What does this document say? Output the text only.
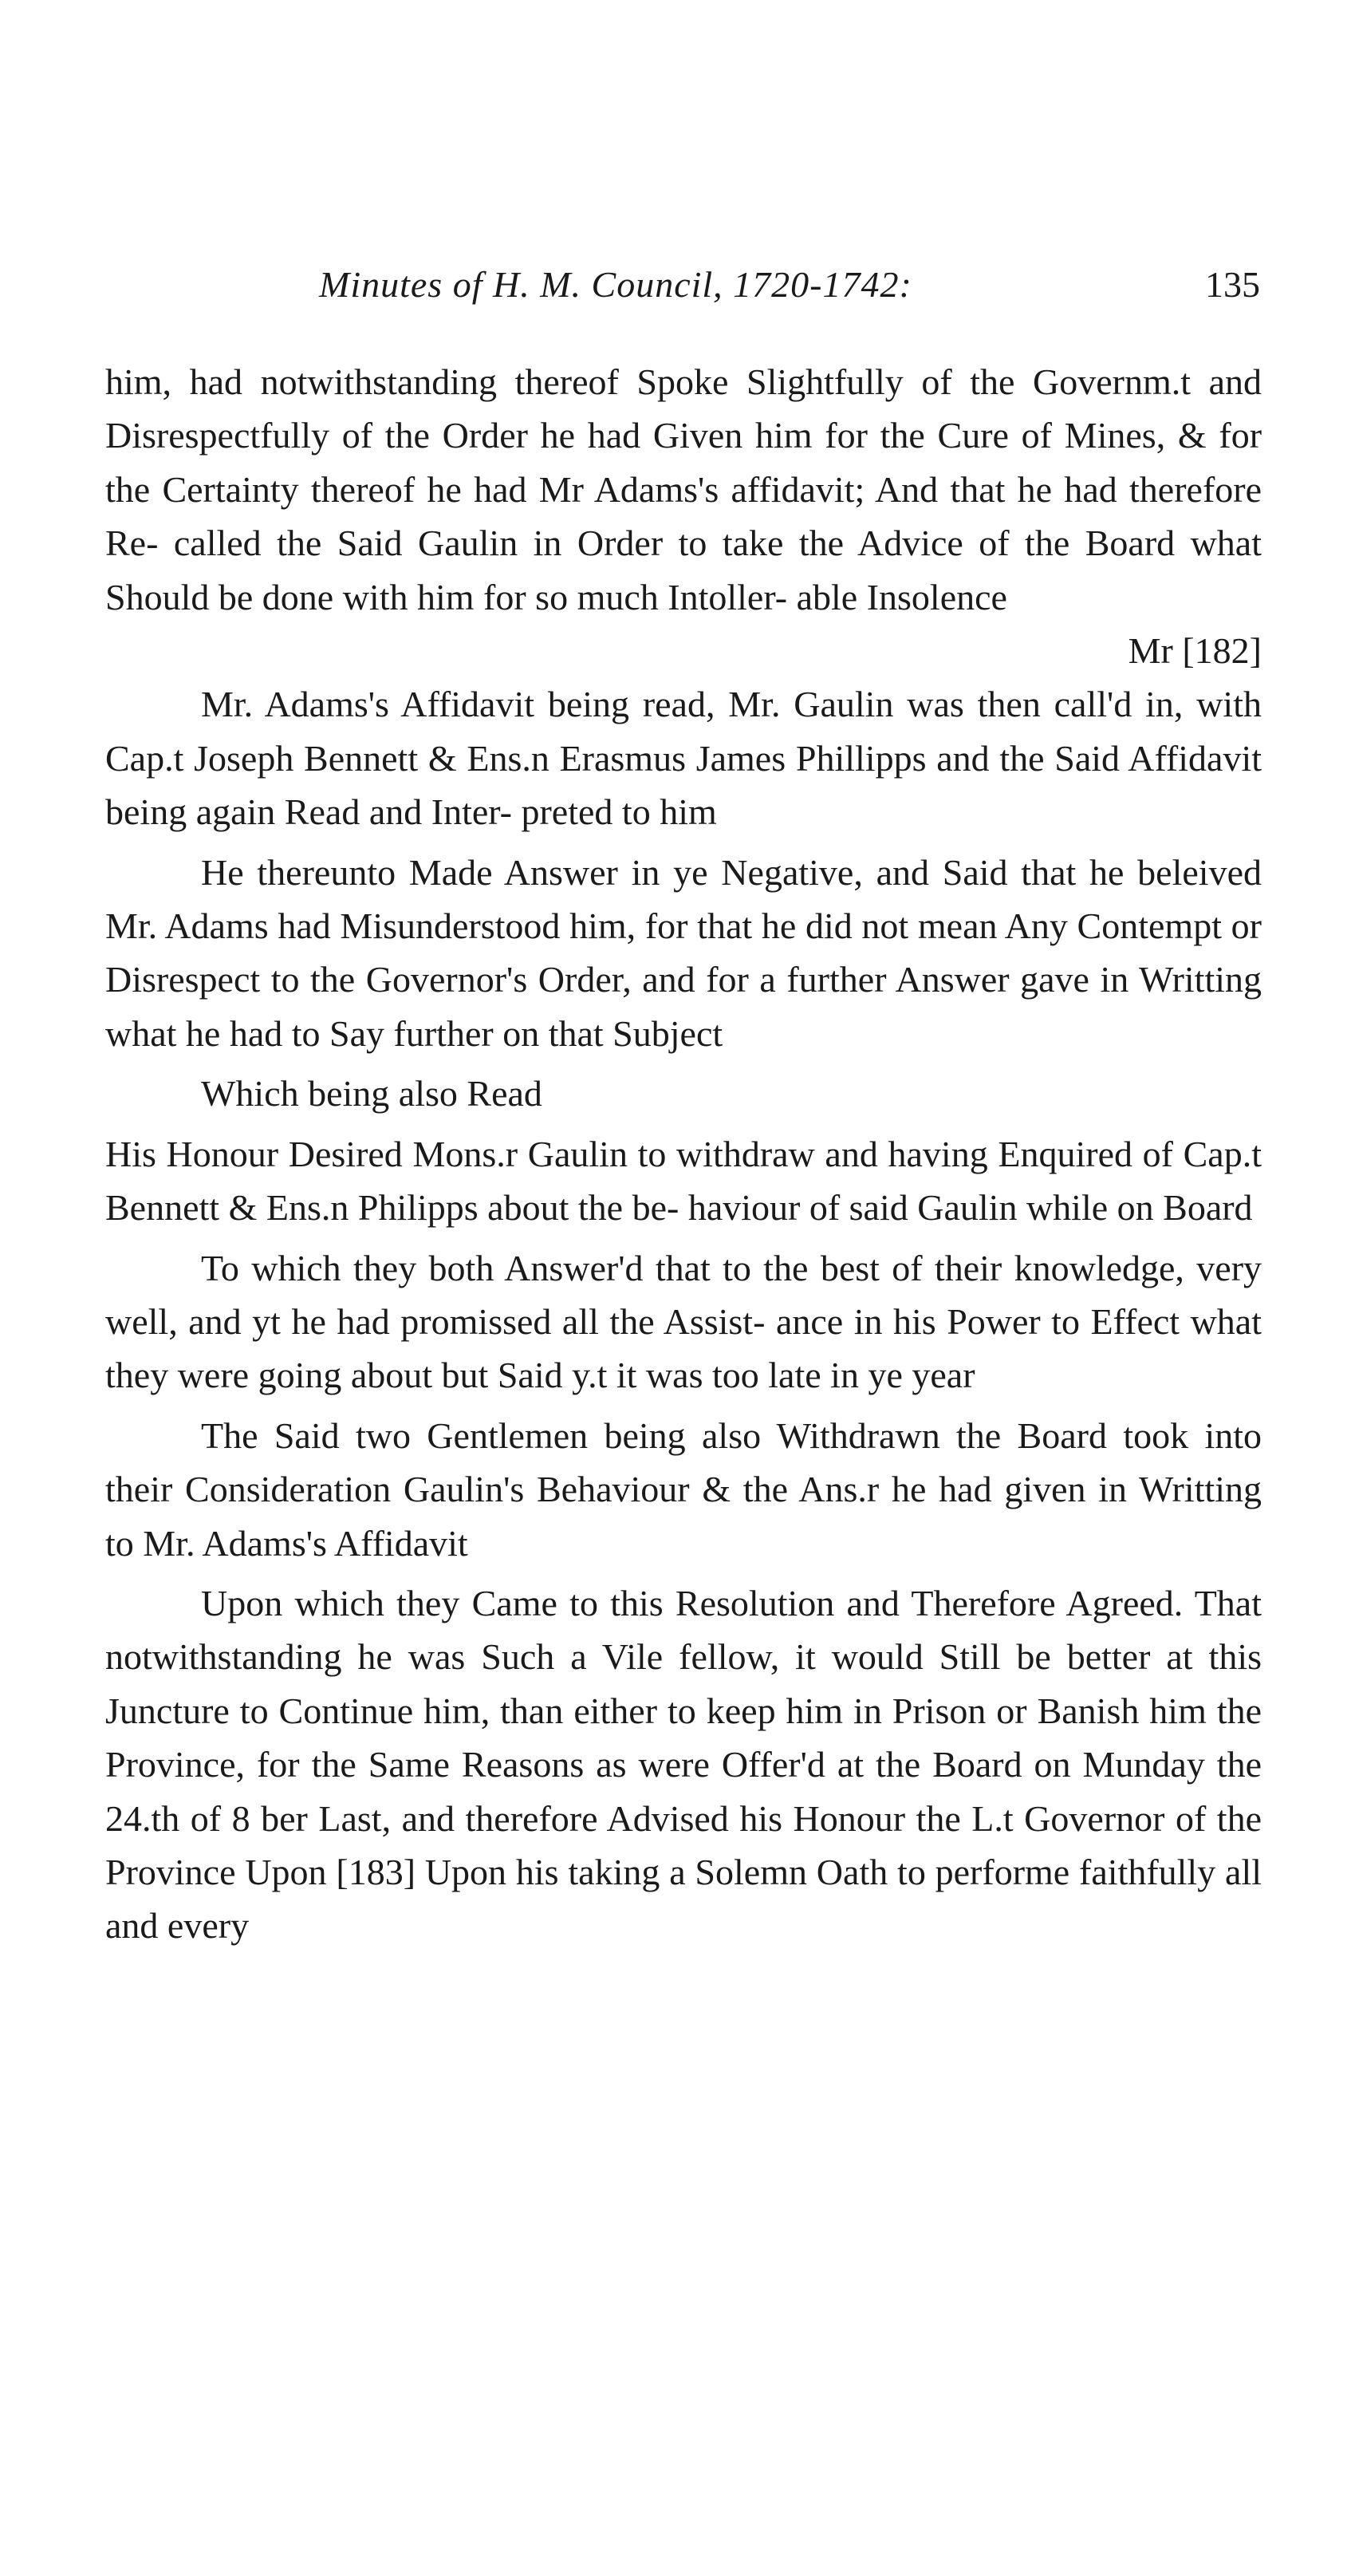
Minutes of H. M. Council, 1720-1742:	135

him, had notwithstanding thereof Spoke Slightfully of the Governm.t and Disrespectfully of the Order he had Given him for the Cure of Mines, & for the Certainty thereof he had Mr Adams's affidavit; And that he had therefore Re- called the Said Gaulin in Order to take the Advice of the Board what Should be done with him for so much Intoller- able Insolence

Mr [182]

Mr. Adams's Affidavit being read, Mr. Gaulin was then call'd in, with Cap.t Joseph Bennett & Ens.n Erasmus James Phillipps and the Said Affidavit being again Read and Inter- preted to him

He thereunto Made Answer in ye Negative, and Said that he beleived Mr. Adams had Misunderstood him, for that he did not mean Any Contempt or Disrespect to the Governor's Order, and for a further Answer gave in Writting what he had to Say further on that Subject

Which being also Read

His Honour Desired Mons.r Gaulin to withdraw and having Enquired of Cap.t Bennett & Ens.n Philipps about the be- haviour of said Gaulin while on Board

To which they both Answer'd that to the best of their knowledge, very well, and yt he had promissed all the Assist- ance in his Power to Effect what they were going about but Said y.t it was too late in ye year

The Said two Gentlemen being also Withdrawn the Board took into their Consideration Gaulin's Behaviour & the Ans.r he had given in Writting to Mr. Adams's Affidavit

Upon which they Came to this Resolution and Therefore Agreed. That notwithstanding he was Such a Vile fellow, it would Still be better at this Juncture to Continue him, than either to keep him in Prison or Banish him the Province, for the Same Reasons as were Offer'd at the Board on Munday the 24.th of 8 ber Last, and therefore Advised his Honour the L.t Governor of the Province Upon [183] Upon his taking a Solemn Oath to performe faithfully all and every
